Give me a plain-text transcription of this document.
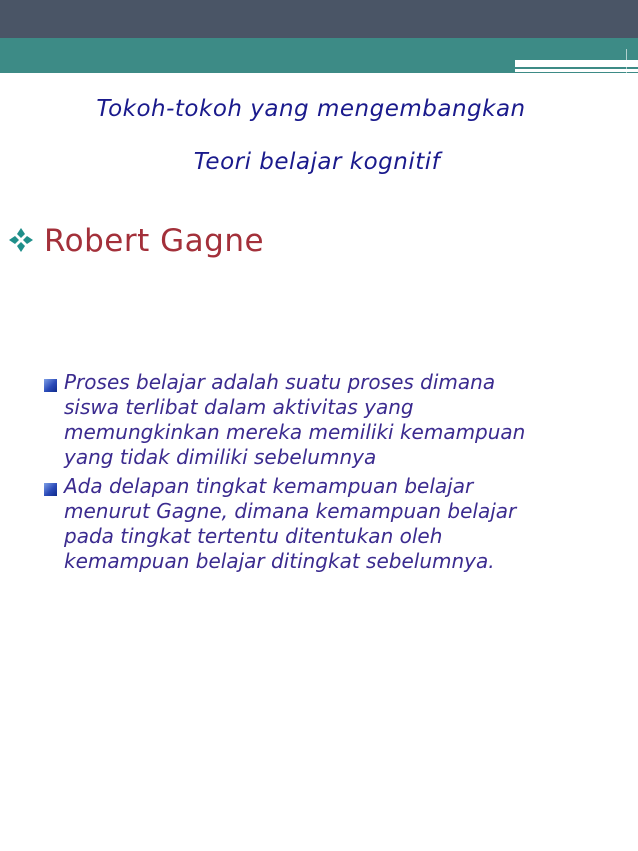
Tokoh-tokoh yang mengembangkan
Teori belajar kognitif
Robert Gagne
Proses belajar adalah suatu proses dimana
siswa terlibat dalam aktivitas yang
memungkinkan mereka memiliki kemampuan
yang tidak dimiliki sebelumnya
Ada delapan tingkat kemampuan belajar
menurut Gagne, dimana kemampuan belajar
pada tingkat tertentu ditentukan oleh
kemampuan belajar ditingkat sebelumnya.
